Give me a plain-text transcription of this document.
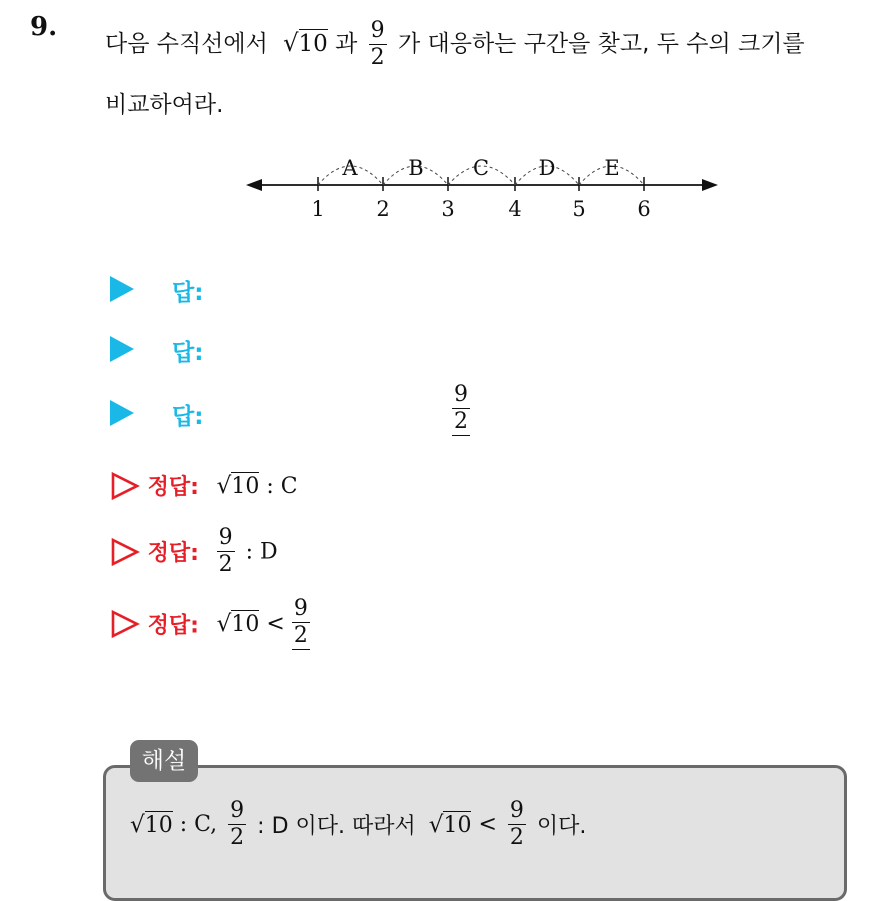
9.
다음 수직선에서 √10 과 $\frac{9}{2}$ 가 대응하는 구간을 찾고, 두 수의 크기를
비교하여라.
1 2 3	4 5 6
A B C D E
답:
답:
답:	$\frac{9}{2}$
정답: √10 : C
정답: $\frac{9}{2}$ : D
정답: $√10 < \frac{9}{2}$
해설
√10 : C, $\frac{9}{2}$ : D 이다. 따라서 $√10 < \frac{9}{2}$ 이다.
